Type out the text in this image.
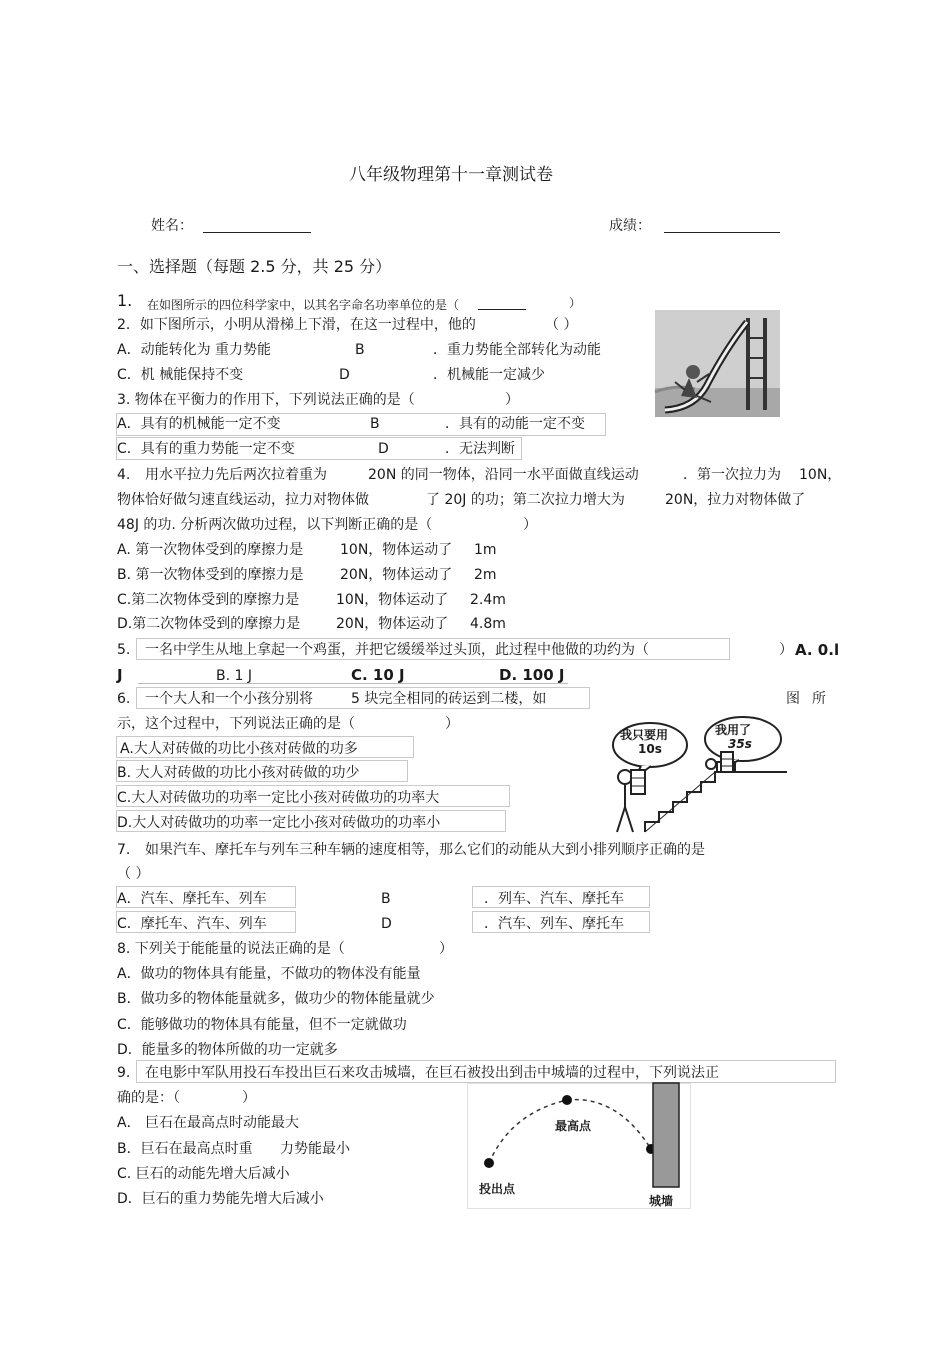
八年级物理第十一章测试卷
姓名：	成绩：
一、选择题（每题 2.5 分，共 25 分）
1. 在如图所示的四位科学家中，以其名字命名功率单位的是（	）
2．如下图所示，小明从滑梯上下滑，在这一过程中，他的	（ ）
A．动能转化为 重力势能	B	．重力势能全部转化为动能
C．机 械能保持不变	D	．机械能一定减少
3. 物体在平衡力的作用下，下列说法正确的是（	）
A．具有的机械能一定不变	B	．具有的动能一定不变
C．具有的重力势能一定不变	D	．无法判断
4. 用水平拉力先后两次拉着重为	20N 的同一物体，沿同一水平面做直线运动	．第一次拉力为 10N，
物体恰好做匀速直线运动，拉力对物体做	了 20J 的功；第二次拉力增大为	20N，拉力对物体做了
48J 的功. 分析两次做功过程，以下判断正确的是（	）
A. 第一次物体受到的摩擦力是	10N，物体运动了 1m
B. 第一次物体受到的摩擦力是	20N，物体运动了 2m
C.第二次物体受到的摩擦力是	10N，物体运动了 2.4m
D.第二次物体受到的摩擦力是	20N，物体运动了 4.8m
5. 一名中学生从地上拿起一个鸡蛋，并把它缓缓举过头顶，此过程中他做的功约为（	） A. 0.l
J	B. 1 J	C. 10 J	D. 100 J
6. 一个大人和一个小孩分别将	5 块完全相同的砖运到二楼，如	图 所
示，这个过程中，下列说法正确的是（	）
A.大人对砖做的功比小孩对砖做的功多
B. 大人对砖做的功比小孩对砖做的功少
C.大人对砖做功的功率一定比小孩对砖做功的功率大
D.大人对砖做功的功率一定比小孩对砖做功的功率小
我只要用
10s
我用了
35s
7. 如果汽车、摩托车与列车三种车辆的速度相等，那么它们的动能从大到小排列顺序正确的是
（ ）
A．汽车、摩托车、列车	B	．列车、汽车、摩托车
C．摩托车、汽车、列车	D	．汽车、列车、摩托车
8. 下列关于能能量的说法正确的是（	）
A．做功的物体具有能量，不做功的物体没有能量
B．做功多的物体能量就多，做功少的物体能量就少
C．能够做功的物体具有能量，但不一定就做功
D．能量多的物体所做的功一定就多
9. 在电影中军队用投石车投出巨石来攻击城墙，在巨石被投出到击中城墙的过程中，下列说法正
确的是：（	）
A． 巨石在最高点时动能最大
B．巨石在最高点时重 力势能最小
C. 巨石的动能先增大后减小
D．巨石的重力势能先增大后减小
最高点
投出点
城墙
